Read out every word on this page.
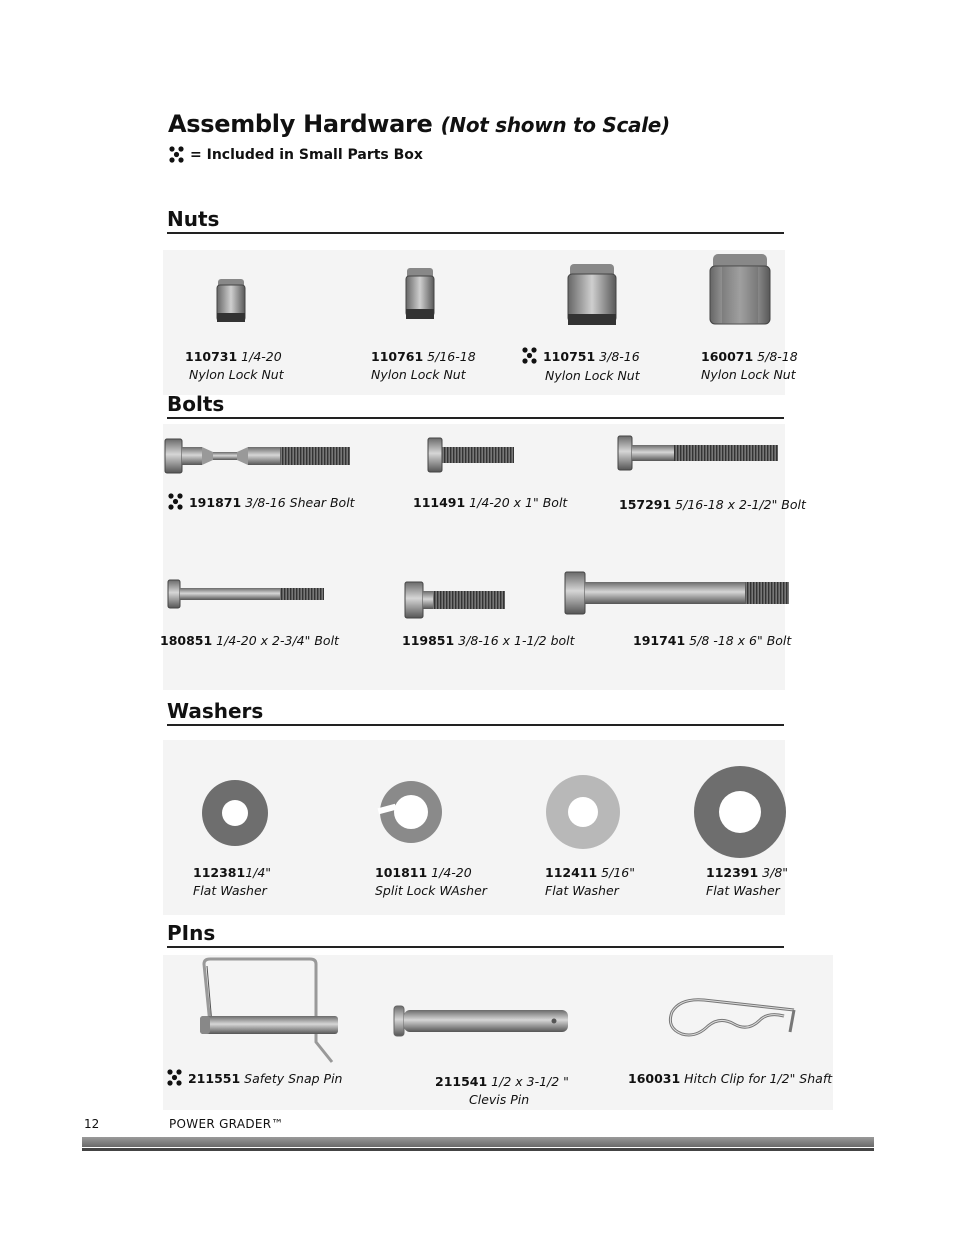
Assembly Hardware (Not shown to Scale)
= Included in Small Parts Box
Nuts
110731 1/4-20
Nylon Lock Nut
110761 5/16-18
Nylon Lock Nut
110751 3/8-16
Nylon Lock Nut
160071 5/8-18
Nylon Lock Nut
Bolts
191871 3/8-16 Shear Bolt	111491 1/4-20 x 1" Bolt	157291 5/16-18 x 2-1/2" Bolt
180851 1/4-20 x 2-3/4" Bolt	119851 3/8-16 x 1-1/2 bolt	191741 5/8 -18 x 6" Bolt
Washers
1123811/4"
Flat Washer
101811 1/4-20
Split Lock WAsher
112411 5/16"
Flat Washer
112391 3/8"
Flat Washer
PIns
211551 Safety Snap Pin	211541 1/2 x 3-1/2 "
Clevis Pin
160031 Hitch Clip for 1/2" Shaft
12	POWER GRADER™
